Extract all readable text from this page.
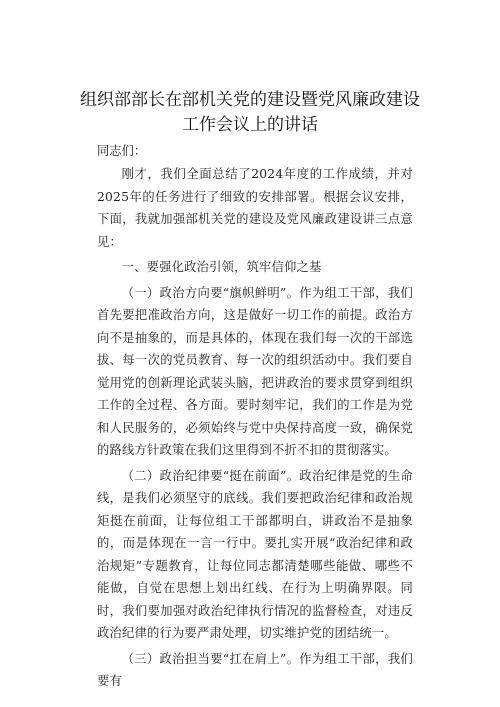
组织部部长在部机关党的建设暨党风廉政建设
工作会议上的讲话
同志们：

刚才，我们全面总结了2024年度的工作成绩，并对2025年的任务进行了细致的安排部署。根据会议安排，下面，我就加强部机关党的建设及党风廉政建设讲三点意见：

一、要强化政治引领，筑牢信仰之基

（一）政治方向要“旗帜鲜明”。作为组工干部，我们首先要把准政治方向，这是做好一切工作的前提。政治方向不是抽象的，而是具体的，体现在我们每一次的干部选拔、每一次的党员教育、每一次的组织活动中。我们要自觉用党的创新理论武装头脑，把讲政治的要求贯穿到组织工作的全过程、各方面。要时刻牢记，我们的工作是为党和人民服务的，必须始终与党中央保持高度一致，确保党的路线方针政策在我们这里得到不折不扣的贯彻落实。

（二）政治纪律要“挺在前面”。政治纪律是党的生命线，是我们必须坚守的底线。我们要把政治纪律和政治规矩挺在前面，让每位组工干部都明白，讲政治不是抽象的，而是体现在一言一行中。要扎实开展“政治纪律和政治规矩”专题教育，让每位同志都清楚哪些能做、哪些不能做，自觉在思想上划出红线、在行为上明确界限。同时，我们要加强对政治纪律执行情况的监督检查，对违反政治纪律的行为要严肃处理，切实维护党的团结统一。

（三）政治担当要“扛在肩上”。作为组工干部，我们要有
